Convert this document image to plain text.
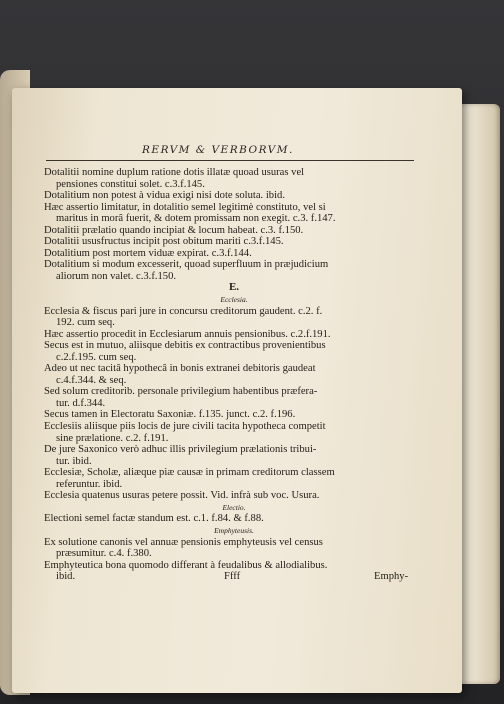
RERVM & VERBORVM.
Dotalitii nomine duplum ratione dotis illatæ quoad usuras vel
pensiones constitui solet. c.3.f.145.
Dotalitium non potest à vidua exigi nisi dote soluta. ibid.
Hæc assertio limitatur, in dotalitio semel legitimè constituto, vel si
maritus in morâ fuerit, & dotem promissam non exegit. c.3. f.147.
Dotalitii prælatio quando incipiat & locum habeat. c.3. f.150.
Dotalitii ususfructus incipit post obitum mariti c.3.f.145.
Dotalitium post mortem viduæ expirat. c.3.f.144.
Dotalitium si modum excesserit, quoad superfluum in præjudicium
aliorum non valet. c.3.f.150.
E.
Ecclesia.
Ecclesia & fiscus pari jure in concursu creditorum gaudent. c.2. f.
192. cum seq.
Hæc assertio procedit in Ecclesiarum annuis pensionibus. c.2.f.191.
Secus est in mutuo, aliisque debitis ex contractibus provenientibus
c.2.f.195. cum seq.
Adeo ut nec tacitâ hypothecâ in bonis extranei debitoris gaudeat
c.4.f.344. & seq.
Sed solum creditorib. personale privilegium habentibus præfera-
tur. d.f.344.
Secus tamen in Electoratu Saxoniæ. f.135. junct. c.2. f.196.
Ecclesiis aliisque piis locis de jure civili tacita hypotheca competit
sine prælatione. c.2. f.191.
De jure Saxonico verò adhuc illis privilegium prælationis tribui-
tur. ibid.
Ecclesiæ, Scholæ, aliæque piæ causæ in primam creditorum classem
referuntur. ibid.
Ecclesia quatenus usuras petere possit. Vid. infrà sub voc. Usura.
Electio.
Electioni semel factæ standum est. c.1. f.84. & f.88.
Emphyteusis.
Ex solutione canonis vel annuæ pensionis emphyteusis vel census
præsumitur. c.4. f.380.
Emphyteutica bona quomodo differant à feudalibus & allodialibus.
ibid.	Ffff	Emphy-
